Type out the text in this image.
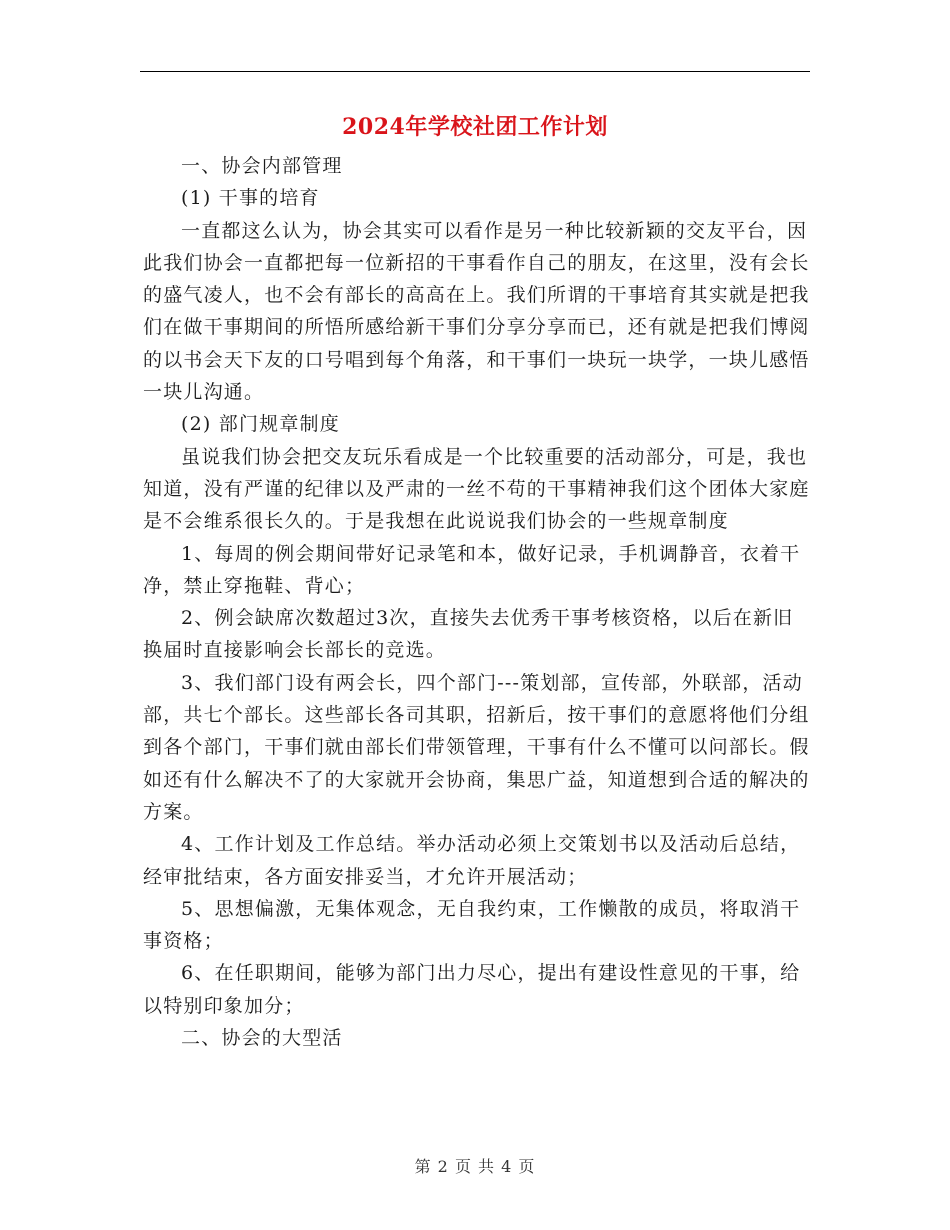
2024年学校社团工作计划

一、协会内部管理

(1) 干事的培育

一直都这么认为，协会其实可以看作是另一种比较新颖的交友平台，因此我们协会一直都把每一位新招的干事看作自己的朋友，在这里，没有会长的盛气凌人，也不会有部长的高高在上。我们所谓的干事培育其实就是把我们在做干事期间的所悟所感给新干事们分享分享而已，还有就是把我们博阅的以书会天下友的口号唱到每个角落，和干事们一块玩一块学，一块儿感悟一块儿沟通。

(2) 部门规章制度

虽说我们协会把交友玩乐看成是一个比较重要的活动部分，可是，我也知道，没有严谨的纪律以及严肃的一丝不苟的干事精神我们这个团体大家庭是不会维系很长久的。于是我想在此说说我们协会的一些规章制度

1、每周的例会期间带好记录笔和本，做好记录，手机调静音，衣着干净，禁止穿拖鞋、背心；

2、例会缺席次数超过3次，直接失去优秀干事考核资格，以后在新旧换届时直接影响会长部长的竞选。

3、我们部门设有两会长，四个部门---策划部，宣传部，外联部，活动部，共七个部长。这些部长各司其职，招新后，按干事们的意愿将他们分组到各个部门，干事们就由部长们带领管理，干事有什么不懂可以问部长。假如还有什么解决不了的大家就开会协商，集思广益，知道想到合适的解决的方案。

4、工作计划及工作总结。举办活动必须上交策划书以及活动后总结，经审批结束，各方面安排妥当，才允许开展活动；

5、思想偏激，无集体观念，无自我约束，工作懒散的成员，将取消干事资格；

6、在任职期间，能够为部门出力尽心，提出有建设性意见的干事，给以特别印象加分；

二、协会的大型活

第 2 页 共 4 页
